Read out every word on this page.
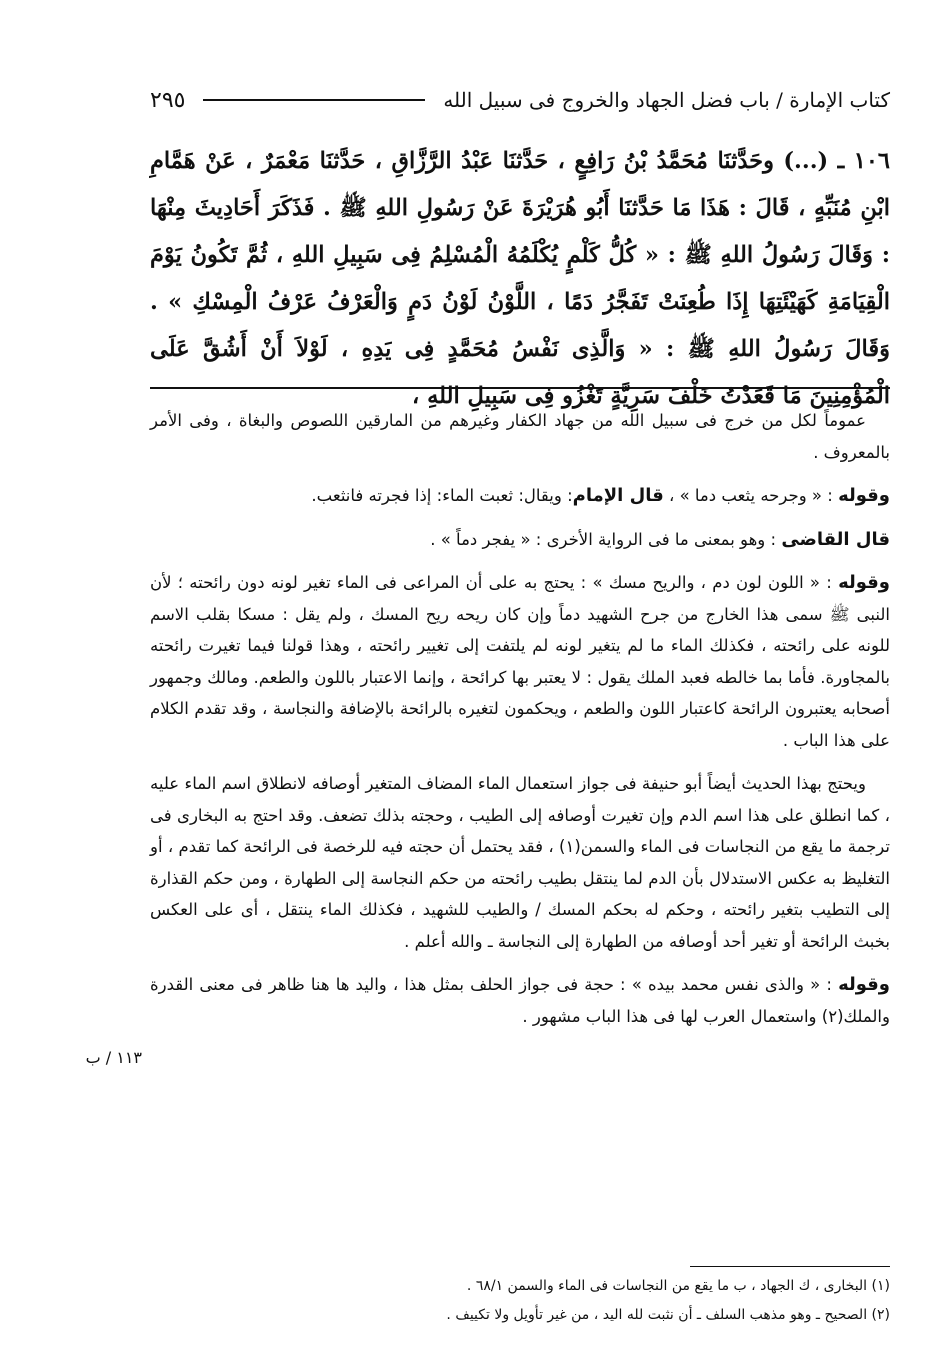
كتاب الإمارة / باب فضل الجهاد والخروج فى سبيل الله
٢٩٥
١٠٦ ـ (...) وحَدَّثنَا مُحَمَّدُ بْنُ رَافِعٍ ، حَدَّثنَا عَبْدُ الرَّزَّاقِ ، حَدَّثنَا مَعْمَرٌ ، عَنْ هَمَّامِ ابْنِ مُنَبِّهٍ ، قَالَ : هَذَا مَا حَدَّثنَا أَبُو هُرَيْرَةَ عَنْ رَسُولِ اللهِ ﷺ . فَذَكَرَ أَحَادِيثَ مِنْهَا : وَقَالَ رَسُولُ اللهِ ﷺ : « كُلُّ كَلْمٍ يُكْلَمُهُ الْمُسْلِمُ فِى سَبِيلِ اللهِ ، ثُمَّ تَكُونُ يَوْمَ الْقِيَامَةِ كَهَيْئَتِهَا إِذَا طُعِنَتْ تَفَجَّرُ دَمًا ، اللَّوْنُ لَوْنُ دَمٍ وَالْعَرْفُ عَرْفُ الْمِسْكِ » . وَقَالَ رَسُولُ اللهِ ﷺ : « وَالَّذِى نَفْسُ مُحَمَّدٍ فِى يَدِهِ ، لَوْلاَ أَنْ أَشُقَّ عَلَى الْمُؤْمِنِينَ مَا قَعَدْتُ خَلْفَ سَرِيَّةٍ تَغْزُو فِى سَبِيلِ اللهِ ،

عموماً لكل من خرج فى سبيل الله من جهاد الكفار وغيرهم من المارقين اللصوص والبغاة ، وفى الأمر بالمعروف .

وقوله : « وجرحه يثعب دما » ، قال الإمام: ويقال: ثعبت الماء: إذا فجرته فانثعب.

قال القاضى : وهو بمعنى ما فى الرواية الأخرى : « يفجر دماً » .

وقوله : « اللون لون دم ، والريح مسك » : يحتج به على أن المراعى فى الماء تغير لونه دون رائحته ؛ لأن النبى ﷺ سمى هذا الخارج من جرح الشهيد دماً وإن كان ريحه ريح المسك ، ولم يقل : مسكا بقلب الاسم للونه على رائحته ، فكذلك الماء ما لم يتغير لونه لم يلتفت إلى تغيير رائحته ، وهذا قولنا فيما تغيرت رائحته بالمجاورة. فأما بما خالطه فعبد الملك يقول : لا يعتبر بها كرائحة ، وإنما الاعتبار باللون والطعم. ومالك وجمهور أصحابه يعتبرون الرائحة كاعتبار اللون والطعم ، ويحكمون لتغيره بالرائحة بالإضافة والنجاسة ، وقد تقدم الكلام على هذا الباب .

ويحتج بهذا الحديث أيضاً أبو حنيفة فى جواز استعمال الماء المضاف المتغير أوصافه لانطلاق اسم الماء عليه ، كما انطلق على هذا اسم الدم وإن تغيرت أوصافه إلى الطيب ، وحجته بذلك تضعف. وقد احتج به البخارى فى ترجمة ما يقع من النجاسات فى الماء والسمن(١) ، فقد يحتمل أن حجته فيه للرخصة فى الرائحة كما تقدم ، أو التغليظ به عكس الاستدلال بأن الدم لما ينتقل بطيب رائحته من حكم النجاسة إلى الطهارة ، ومن حكم القذارة إلى التطيب بتغير رائحته ، وحكم له بحكم المسك / والطيب للشهيد ، فكذلك الماء ينتقل ، أى على العكس بخبث الرائحة أو تغير أحد أوصافه من الطهارة إلى النجاسة ـ والله أعلم .

وقوله : « والذى نفس محمد بيده » : حجة فى جواز الحلف بمثل هذا ، واليد ها هنا ظاهر فى معنى القدرة والملك(٢) واستعمال العرب لها فى هذا الباب مشهور .

١١٣ / ب
(١) البخارى ، ك الجهاد ، ب ما يقع من النجاسات فى الماء والسمن ٦٨/١ .
(٢) الصحيح ـ وهو مذهب السلف ـ أن نثبت لله اليد ، من غير تأويل ولا تكييف .
